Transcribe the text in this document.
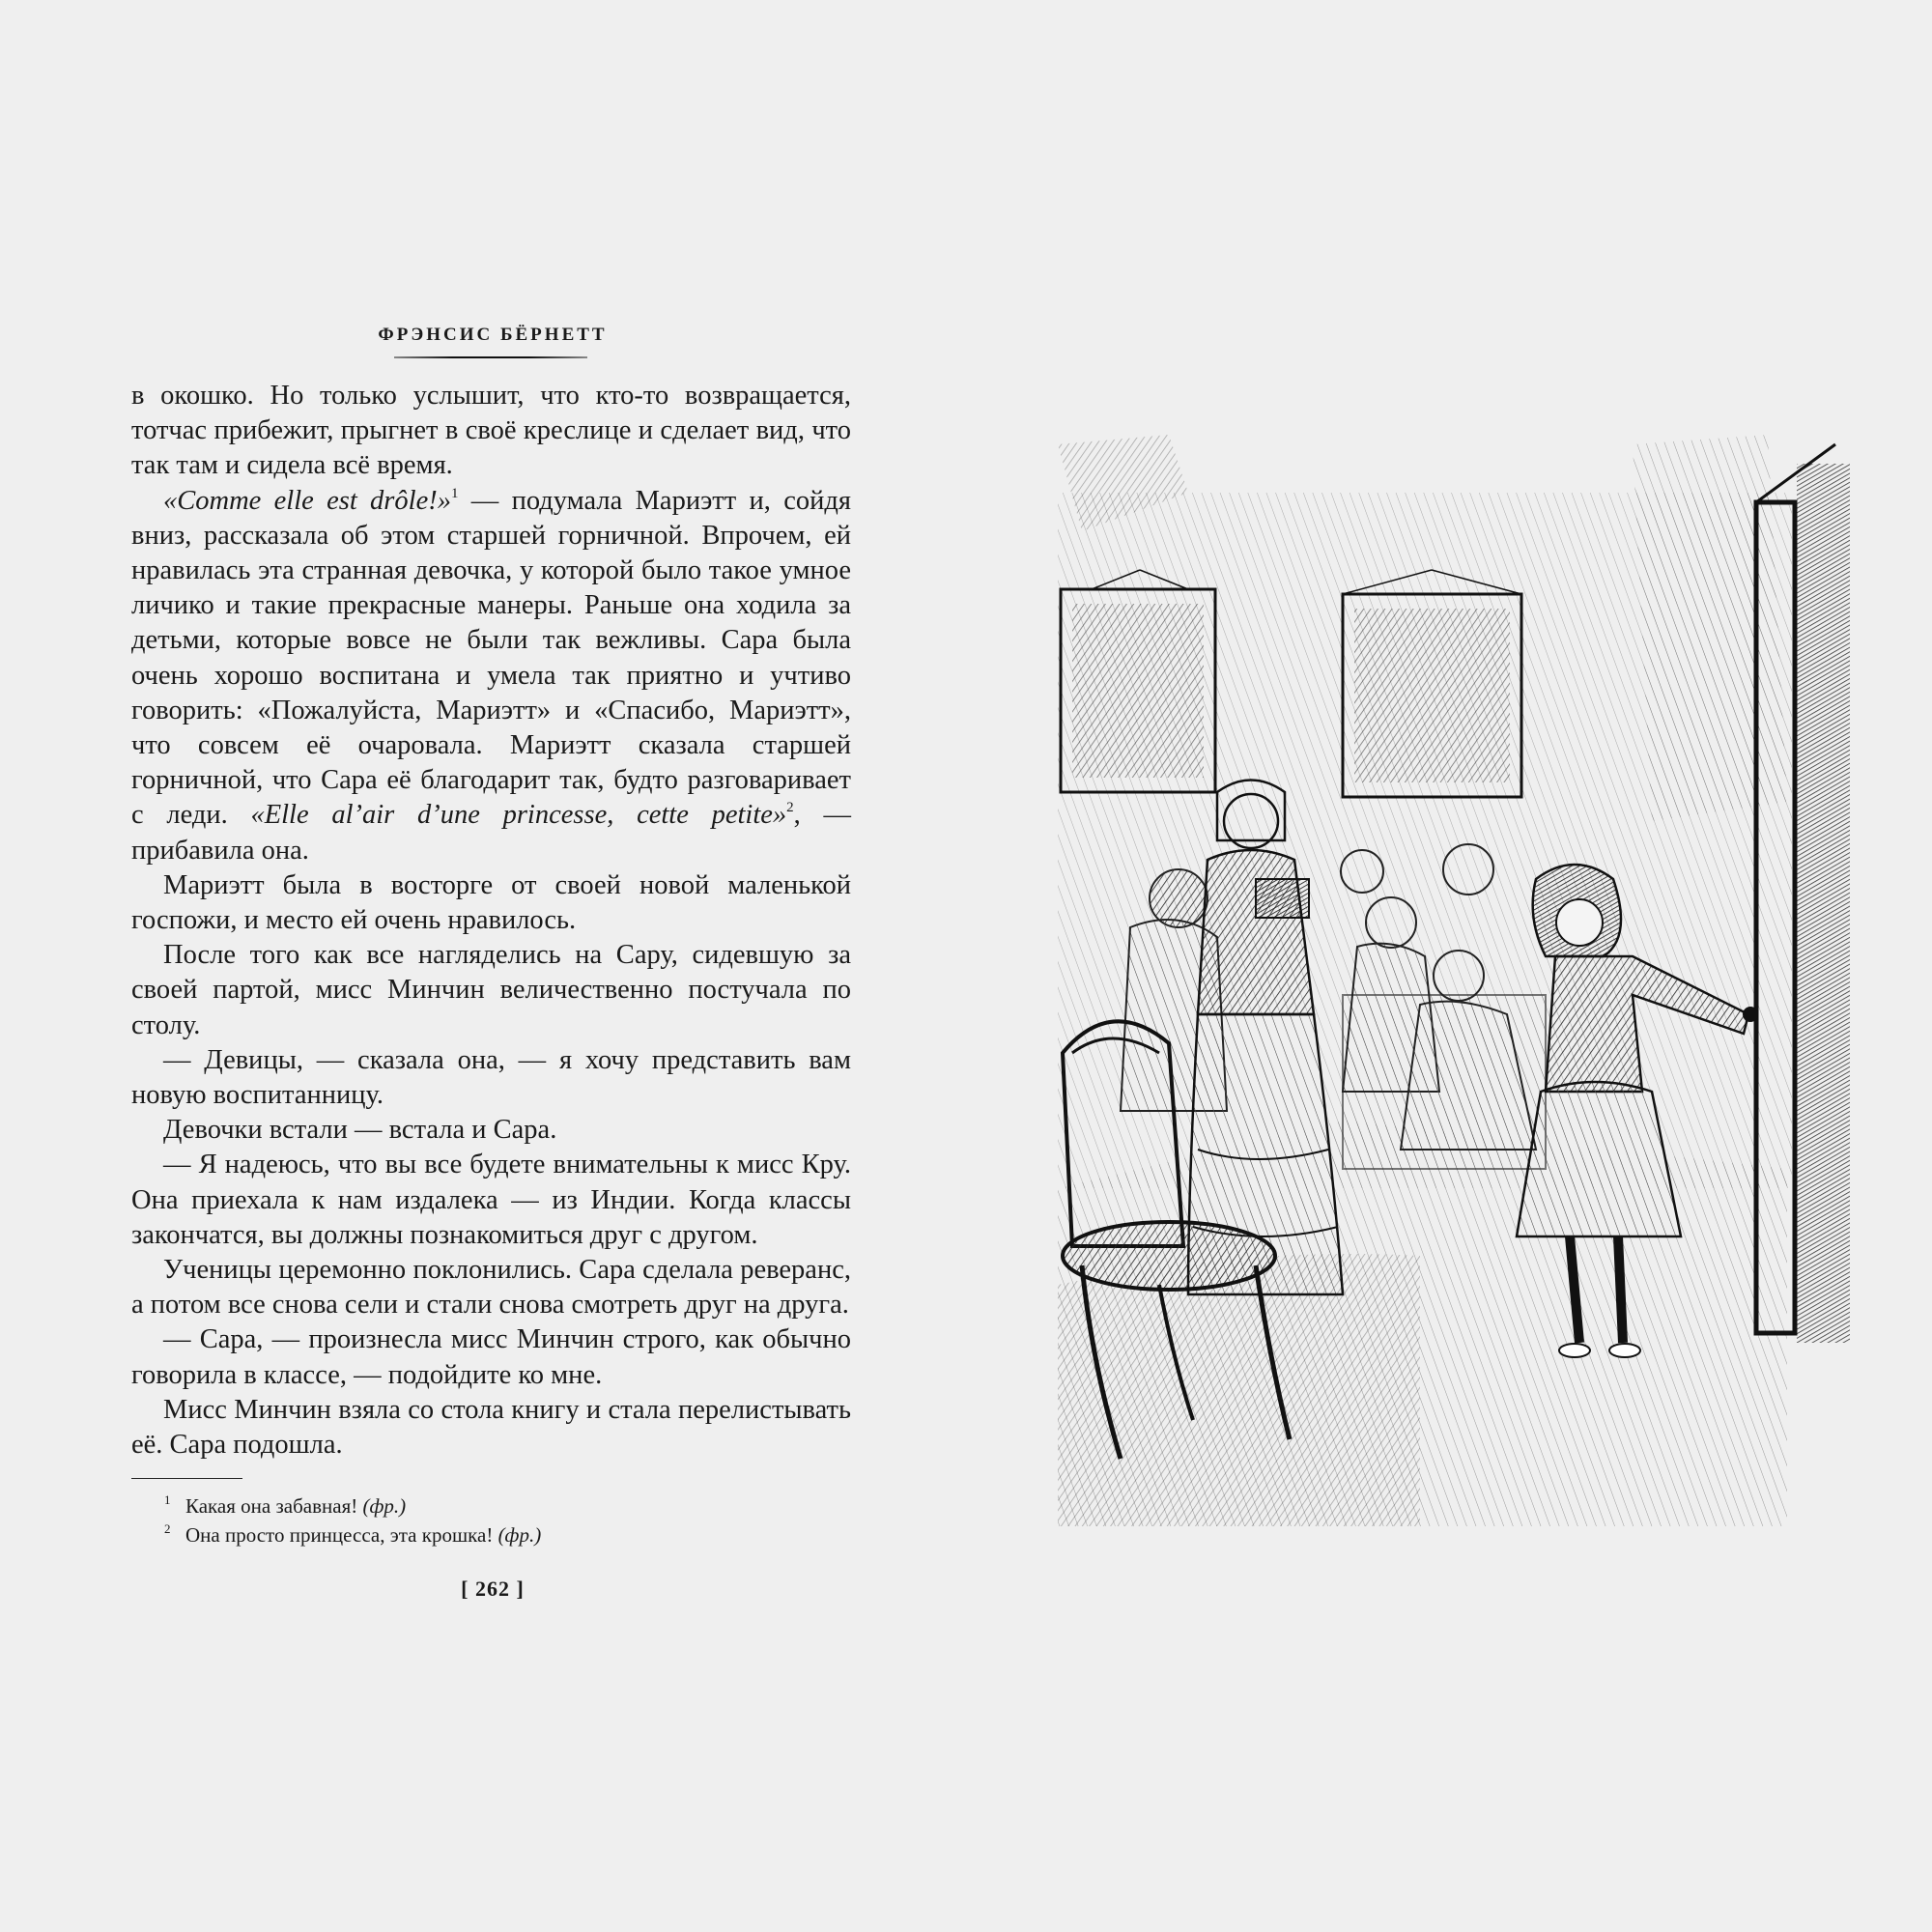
ФРЭНСИС БЁРНЕТТ

в окошко. Но только услышит, что кто-то возвращается, тотчас прибежит, прыгнет в своё креслице и сделает вид, что так там и сидела всё время.

«Comme elle est drôle!»$^1$ — подумала Мариэтт и, сойдя вниз, рассказала об этом старшей горничной. Впрочем, ей нравилась эта странная девочка, у которой было такое умное личико и такие прекрасные манеры. Раньше она ходила за детьми, которые вовсе не были так вежливы. Сара была очень хорошо воспитана и умела так приятно и учтиво говорить: «Пожалуйста, Мариэтт» и «Спасибо, Мариэтт», что совсем её очаровала. Мариэтт сказала старшей горничной, что Сара её благодарит так, будто разговаривает с леди. «Elle al’air d’une princesse, cette petite»$^2$, — прибавила она.

Мариэтт была в восторге от своей новой маленькой госпожи, и место ей очень нравилось.

После того как все нагляделись на Сару, сидевшую за своей партой, мисс Минчин величественно постучала по столу.

— Девицы, — сказала она, — я хочу представить вам новую воспитанницу.

Девочки встали — встала и Сара.

— Я надеюсь, что вы все будете внимательны к мисс Кру. Она приехала к нам издалека — из Индии. Когда классы закончатся, вы должны познакомиться друг с другом.

Ученицы церемонно поклонились. Сара сделала реверанс, а потом все снова сели и стали снова смотреть друг на друга.

— Сара, — произнесла мисс Минчин строго, как обычно говорила в классе, — подойдите ко мне.

Мисс Минчин взяла со стола книгу и стала перелистывать её. Сара подошла.

1 Какая она забавная! (фр.)
2 Она просто принцесса, эта крошка! (фр.)
[ 262 ]
